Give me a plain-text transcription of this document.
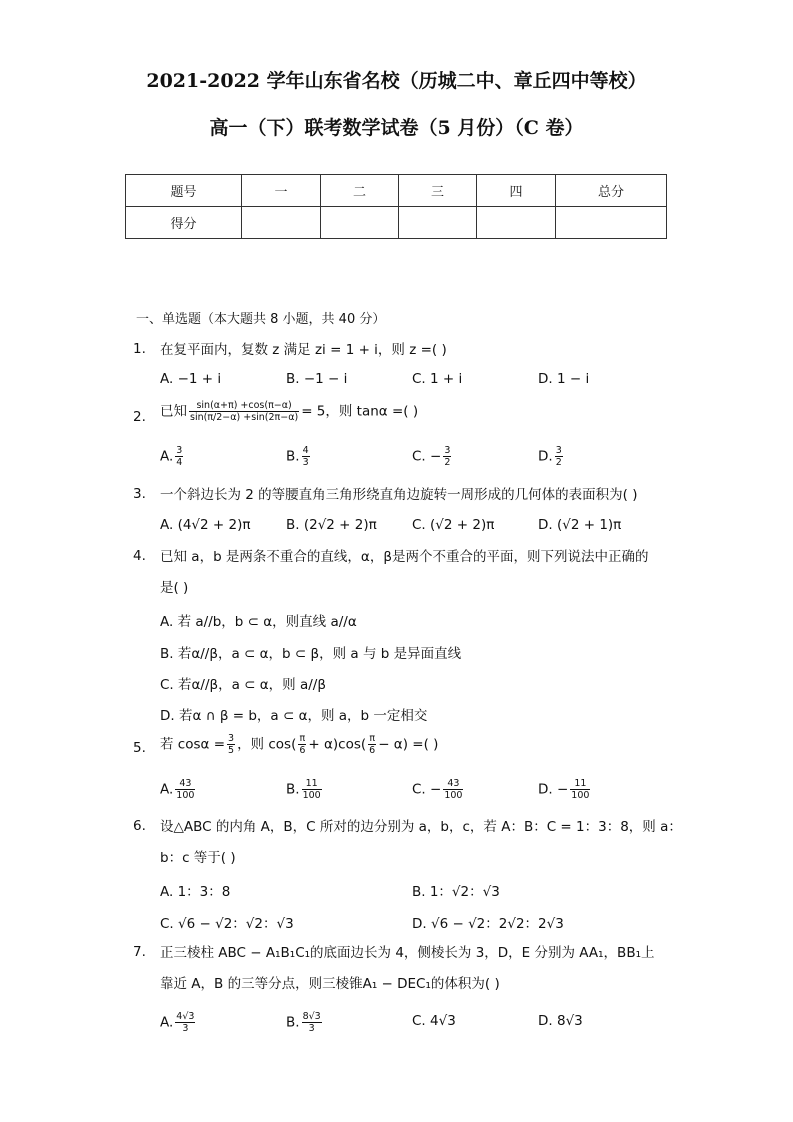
2021-2022 学年山东省名校（历城二中、章丘四中等校）
高一（下）联考数学试卷（5 月份）（C 卷）
题号	一	二	三	四	总分
得分					
一、单选题（本大题共 8 小题，共 40 分）
1. 在复平面内，复数 z 满足 zi = 1 + i，则 z =( )
A. −1 + i	B. −1 − i	C. 1 + i	D. 1 − i
2. 已知 $\frac{\sin(\alpha+\pi) +\cos(\pi-\alpha)}{\sin(\pi/2-\alpha) +\sin(2\pi-\alpha)} = 5$，则 tanα =( )
A. $\frac{3}{4}$	B. $\frac{4}{3}$	C. − $\frac{3}{2}$	D. $\frac{3}{2}$
3. 一个斜边长为 2 的等腰直角三角形绕直角边旋转一周形成的几何体的表面积为( )
A. (4√2 + 2)π	B. (2√2 + 2)π	C. (√2 + 2)π	D. (√2 + 1)π
4. 已知 a，b 是两条不重合的直线，α，β是两个不重合的平面，则下列说法中正确的
是( )
A. 若 a//b，b ⊂ α，则直线 a//α
B. 若α//β，a ⊂ α，b ⊂ β，则 a 与 b 是异面直线
C. 若α//β，a ⊂ α，则 a//β
D. 若α ∩ β = b，a ⊂ α，则 a，b 一定相交
5. 若 $\cos\alpha = \frac{3}{5}$ ，则 $\cos( \frac{\pi}{6} + \alpha)\cos( \frac{\pi}{6} - \alpha)$ =( )
A. $\frac{43}{100}$	B. $\frac{11}{100}$	C. − $\frac{43}{100}$	D. − $\frac{11}{100}$
6. 设△ABC 的内角 A，B，C 所对的边分别为 a，b，c，若 A：B：C = 1：3：8，则 a：
b：c 等于( )
A. 1：3：8	B. 1：√2：√3
C. √6 − √2：√2：√3	D. √6 − √2：2√2：2√3
7. 正三棱柱 ABC − A₁B₁C₁的底面边长为 4，侧棱长为 3，D，E 分别为 AA₁，BB₁上
靠近 A，B 的三等分点，则三棱锥A₁ − DEC₁的体积为( )
A. $\frac{4√3}{3}$	B. $\frac{8√3}{3}$	C. 4√3	D. 8√3
